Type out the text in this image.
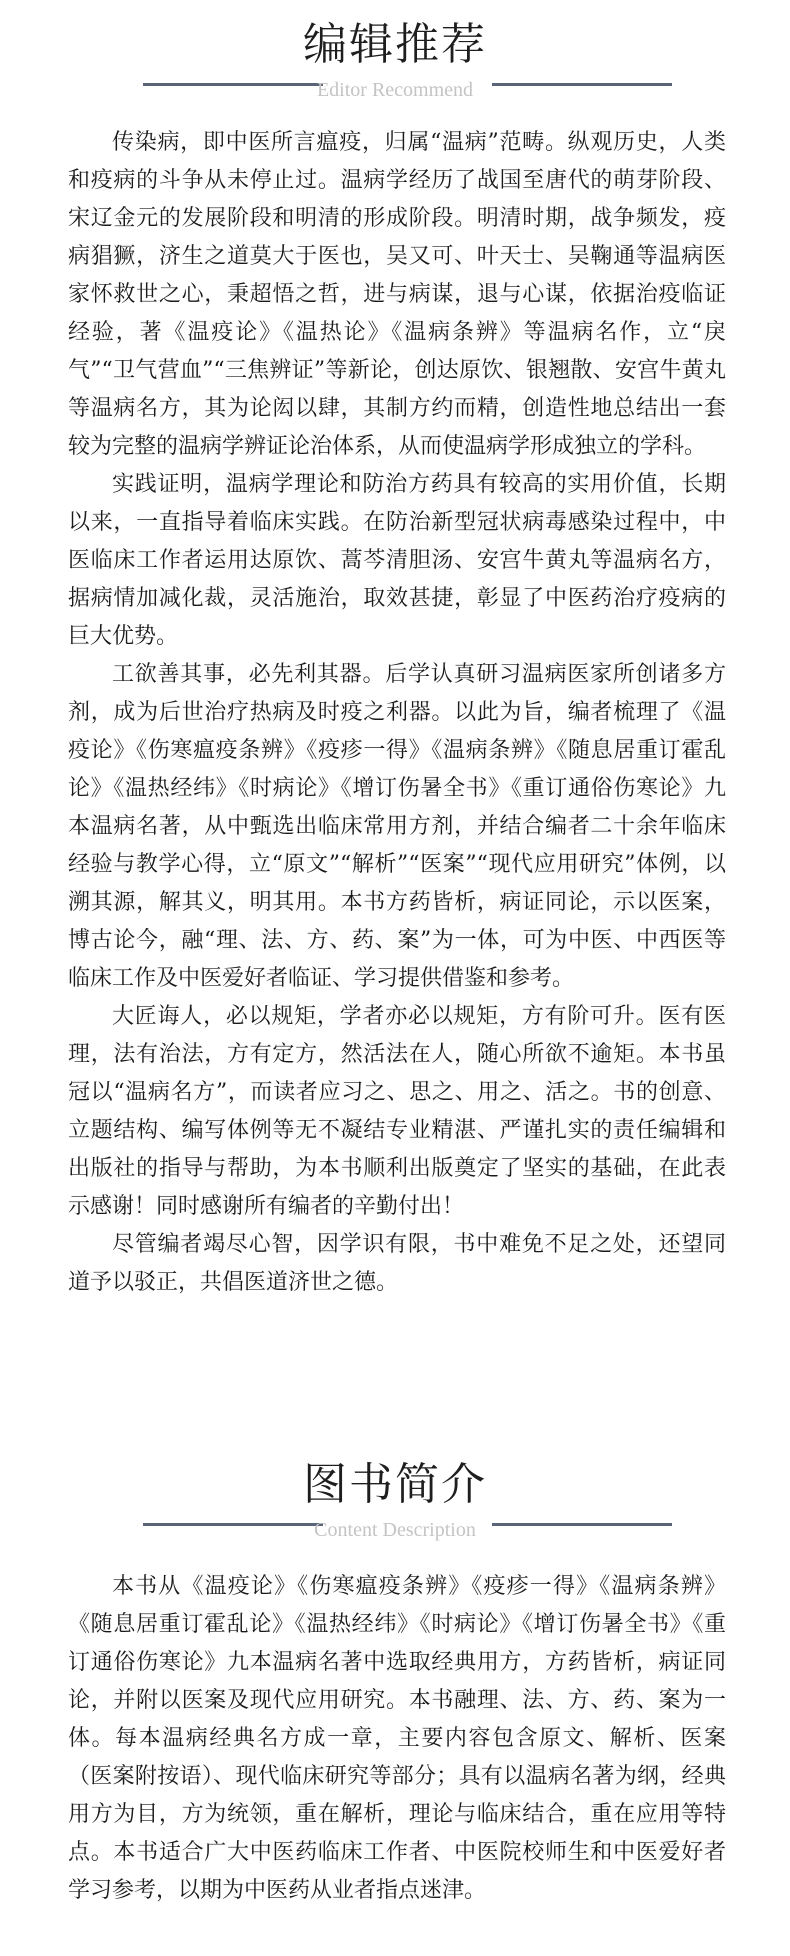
编辑推荐
Editor Recommend

传染病，即中医所言瘟疫，归属“温病”范畴。纵观历史，人类和疫病的斗争从未停止过。温病学经历了战国至唐代的萌芽阶段、宋辽金元的发展阶段和明清的形成阶段。明清时期，战争频发，疫病猖獗，济生之道莫大于医也，吴又可、叶天士、吴鞠通等温病医家怀救世之心，秉超悟之哲，进与病谋，退与心谋，依据治疫临证经验，著《温疫论》《温热论》《温病条辨》等温病名作，立“戾气”“卫气营血”“三焦辨证”等新论，创达原饮、银翘散、安宫牛黄丸等温病名方，其为论闳以肆，其制方约而精，创造性地总结出一套较为完整的温病学辨证论治体系，从而使温病学形成独立的学科。

实践证明，温病学理论和防治方药具有较高的实用价值，长期以来，一直指导着临床实践。在防治新型冠状病毒感染过程中，中医临床工作者运用达原饮、蒿芩清胆汤、安宫牛黄丸等温病名方，据病情加减化裁，灵活施治，取效甚捷，彰显了中医药治疗疫病的巨大优势。

工欲善其事，必先利其器。后学认真研习温病医家所创诸多方剂，成为后世治疗热病及时疫之利器。以此为旨，编者梳理了《温疫论》《伤寒瘟疫条辨》《疫疹一得》《温病条辨》《随息居重订霍乱论》《温热经纬》《时病论》《增订伤暑全书》《重订通俗伤寒论》九本温病名著，从中甄选出临床常用方剂，并结合编者二十余年临床经验与教学心得，立“原文”“解析”“医案”“现代应用研究”体例，以溯其源，解其义，明其用。本书方药皆析，病证同论，示以医案，博古论今，融“理、法、方、药、案”为一体，可为中医、中西医等临床工作及中医爱好者临证、学习提供借鉴和参考。

大匠诲人，必以规矩，学者亦必以规矩，方有阶可升。医有医理，法有治法，方有定方，然活法在人，随心所欲不逾矩。本书虽冠以“温病名方”，而读者应习之、思之、用之、活之。书的创意、立题结构、编写体例等无不凝结专业精湛、严谨扎实的责任编辑和出版社的指导与帮助，为本书顺利出版奠定了坚实的基础，在此表示感谢！同时感谢所有编者的辛勤付出！

尽管编者竭尽心智，因学识有限，书中难免不足之处，还望同道予以驳正，共倡医道济世之德。

图书简介
Content Description

本书从《温疫论》《伤寒瘟疫条辨》《疫疹一得》《温病条辨》《随息居重订霍乱论》《温热经纬》《时病论》《增订伤暑全书》《重订通俗伤寒论》九本温病名著中选取经典用方，方药皆析，病证同论，并附以医案及现代应用研究。本书融理、法、方、药、案为一体。每本温病经典名方成一章，主要内容包含原文、解析、医案（医案附按语）、现代临床研究等部分；具有以温病名著为纲，经典用方为目，方为统领，重在解析，理论与临床结合，重在应用等特点。本书适合广大中医药临床工作者、中医院校师生和中医爱好者学习参考，以期为中医药从业者指点迷津。
